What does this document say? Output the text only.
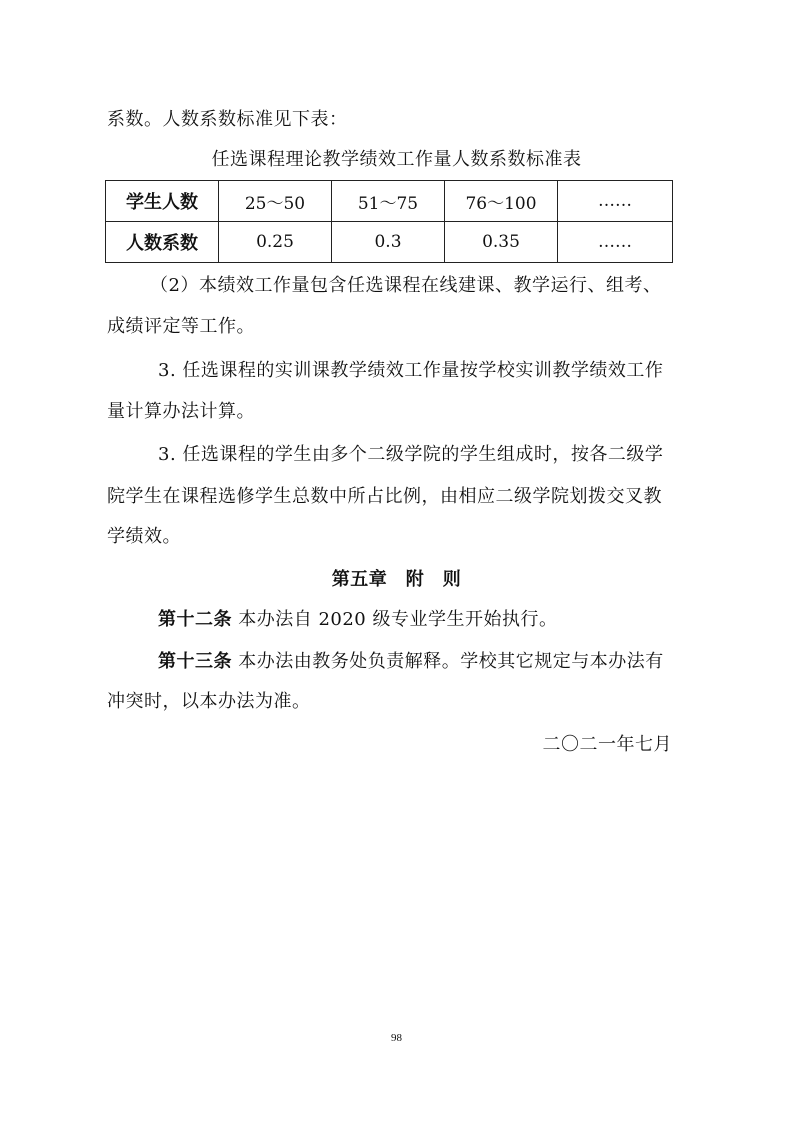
系数。人数系数标准见下表：
任选课程理论教学绩效工作量人数系数标准表
学生人数	25～50	51～75	76～100	……
人数系数	0.25	0.3	0.35	……
（2）本绩效工作量包含任选课程在线建课、教学运行、组考、
成绩评定等工作。
3. 任选课程的实训课教学绩效工作量按学校实训教学绩效工作
量计算办法计算。
3. 任选课程的学生由多个二级学院的学生组成时，按各二级学
院学生在课程选修学生总数中所占比例，由相应二级学院划拨交叉教
学绩效。
第五章　附　则
第十二条 本办法自 2020 级专业学生开始执行。
第十三条 本办法由教务处负责解释。学校其它规定与本办法有
冲突时，以本办法为准。
二〇二一年七月
98
